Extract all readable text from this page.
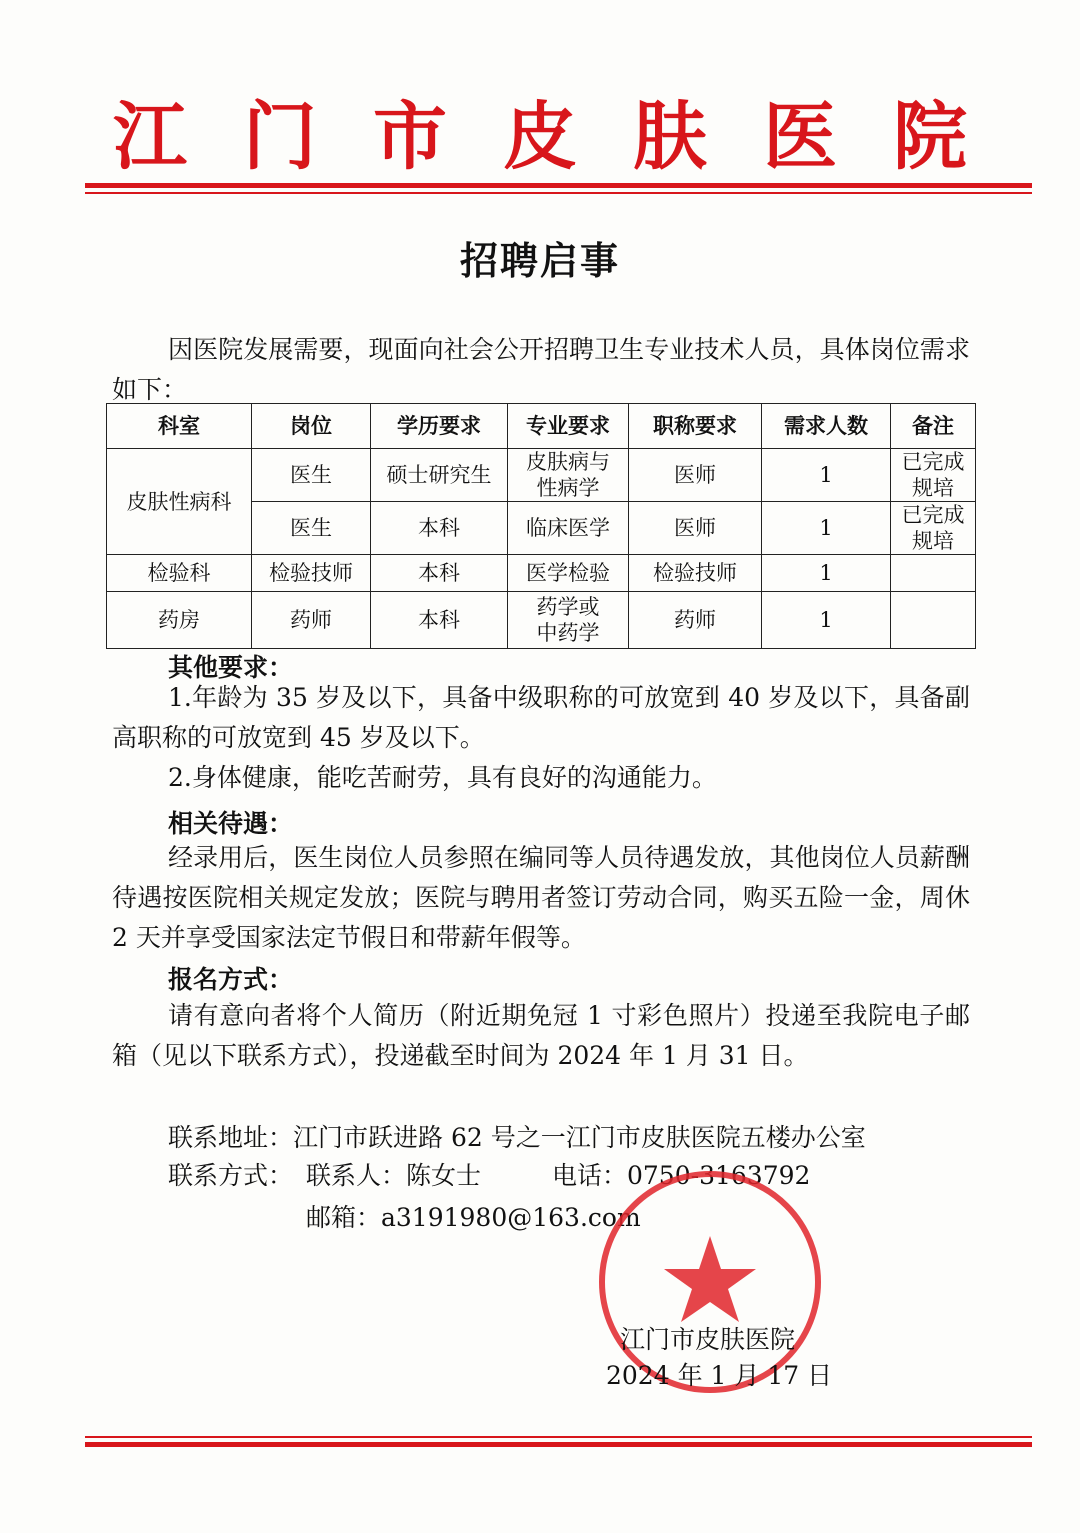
江门市皮肤医院
招聘启事
因医院发展需要，现面向社会公开招聘卫生专业技术人员，具体岗位需求如下：
科室	岗位	学历要求	专业要求	职称要求	需求人数	备注
皮肤性病科	医生	硕士研究生	皮肤病与性病学	医师	1	已完成规培
	医生	本科	临床医学	医师	1	已完成规培
检验科	检验技师	本科	医学检验	检验技师	1	
药房	药师	本科	药学或中药学	药师	1	
其他要求：
1.年龄为 35 岁及以下，具备中级职称的可放宽到 40 岁及以下，具备副高职称的可放宽到 45 岁及以下。
2.身体健康，能吃苦耐劳，具有良好的沟通能力。
相关待遇：
经录用后，医生岗位人员参照在编同等人员待遇发放，其他岗位人员薪酬待遇按医院相关规定发放；医院与聘用者签订劳动合同，购买五险一金，周休 2 天并享受国家法定节假日和带薪年假等。
报名方式：
请有意向者将个人简历（附近期免冠 1 寸彩色照片）投递至我院电子邮箱（见以下联系方式），投递截至时间为 2024 年 1 月 31 日。
联系地址：江门市跃进路 62 号之一江门市皮肤医院五楼办公室
联系方式： 联系人：陈女士	电话：0750-3163792
邮箱：a3191980@163.com
江门市皮肤医院
2024 年 1 月 17 日
